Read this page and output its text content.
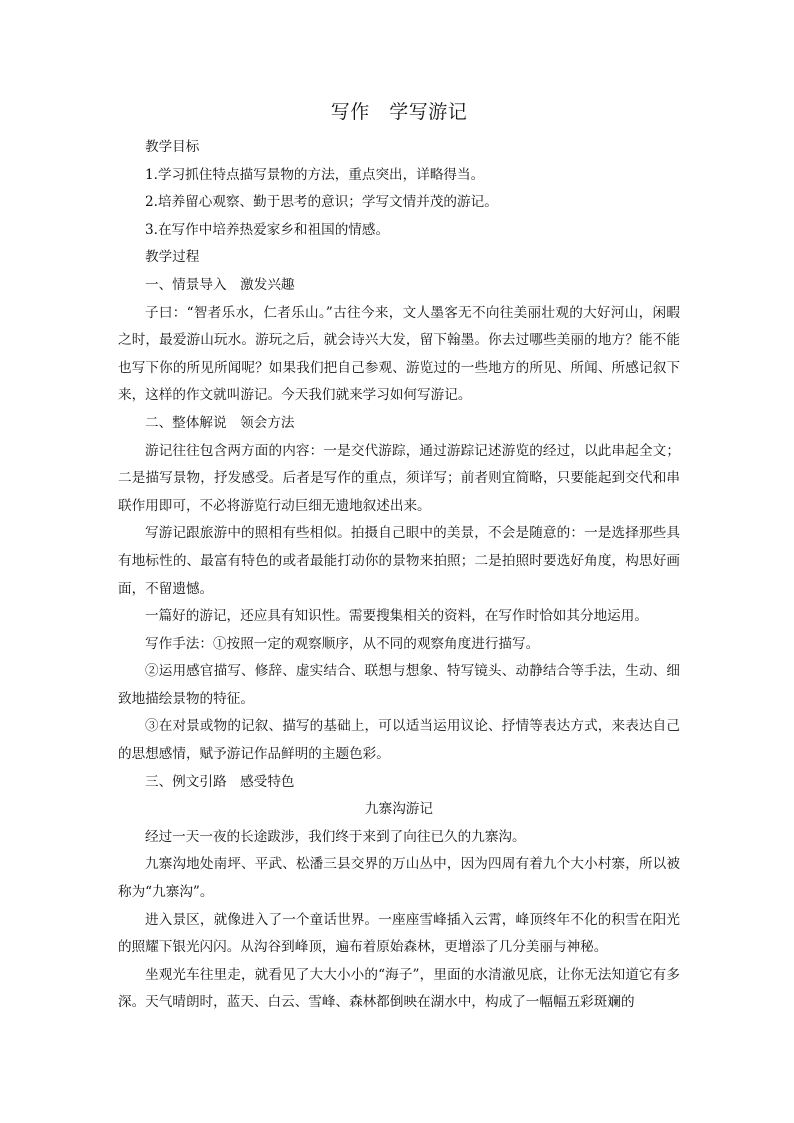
写作　学写游记

教学目标

1.学习抓住特点描写景物的方法，重点突出，详略得当。

2.培养留心观察、勤于思考的意识；学写文情并茂的游记。

3.在写作中培养热爱家乡和祖国的情感。

教学过程

一、情景导入　激发兴趣

子曰：“智者乐水，仁者乐山。”古往今来，文人墨客无不向往美丽壮观的大好河山，闲暇之时，最爱游山玩水。游玩之后，就会诗兴大发，留下翰墨。你去过哪些美丽的地方？能不能也写下你的所见所闻呢？如果我们把自己参观、游览过的一些地方的所见、所闻、所感记叙下来，这样的作文就叫游记。今天我们就来学习如何写游记。

二、整体解说　领会方法

游记往往包含两方面的内容：一是交代游踪，通过游踪记述游览的经过，以此串起全文；二是描写景物，抒发感受。后者是写作的重点，须详写；前者则宜简略，只要能起到交代和串联作用即可，不必将游览行动巨细无遗地叙述出来。

写游记跟旅游中的照相有些相似。拍摄自己眼中的美景，不会是随意的：一是选择那些具有地标性的、最富有特色的或者最能打动你的景物来拍照；二是拍照时要选好角度，构思好画面，不留遗憾。

一篇好的游记，还应具有知识性。需要搜集相关的资料，在写作时恰如其分地运用。

写作手法：①按照一定的观察顺序，从不同的观察角度进行描写。

②运用感官描写、修辞、虚实结合、联想与想象、特写镜头、动静结合等手法，生动、细致地描绘景物的特征。

③在对景或物的记叙、描写的基础上，可以适当运用议论、抒情等表达方式，来表达自己的思想感情，赋予游记作品鲜明的主题色彩。

三、例文引路　感受特色

九寨沟游记

经过一天一夜的长途跋涉，我们终于来到了向往已久的九寨沟。

九寨沟地处南坪、平武、松潘三县交界的万山丛中，因为四周有着九个大小村寨，所以被称为“九寨沟”。

进入景区，就像进入了一个童话世界。一座座雪峰插入云霄，峰顶终年不化的积雪在阳光的照耀下银光闪闪。从沟谷到峰顶，遍布着原始森林，更增添了几分美丽与神秘。

坐观光车往里走，就看见了大大小小的“海子”，里面的水清澈见底，让你无法知道它有多深。天气晴朗时，蓝天、白云、雪峰、森林都倒映在湖水中，构成了一幅幅五彩斑斓的
